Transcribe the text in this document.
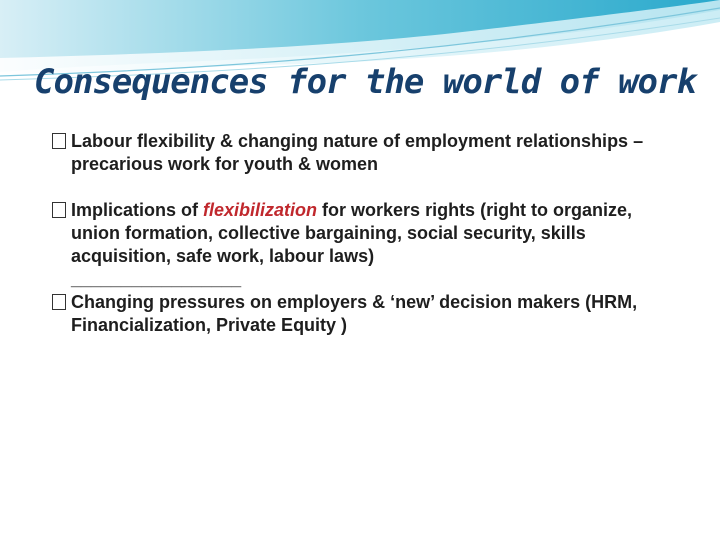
Consequences for the world of work
Labour flexibility & changing nature of employment relationships – precarious work for youth & women
Implications of flexibilization for workers rights (right to organize, union formation, collective bargaining, social security, skills acquisition, safe work, labour laws)
_________________
Changing pressures on employers & ‘new’ decision makers (HRM, Financialization, Private Equity )
